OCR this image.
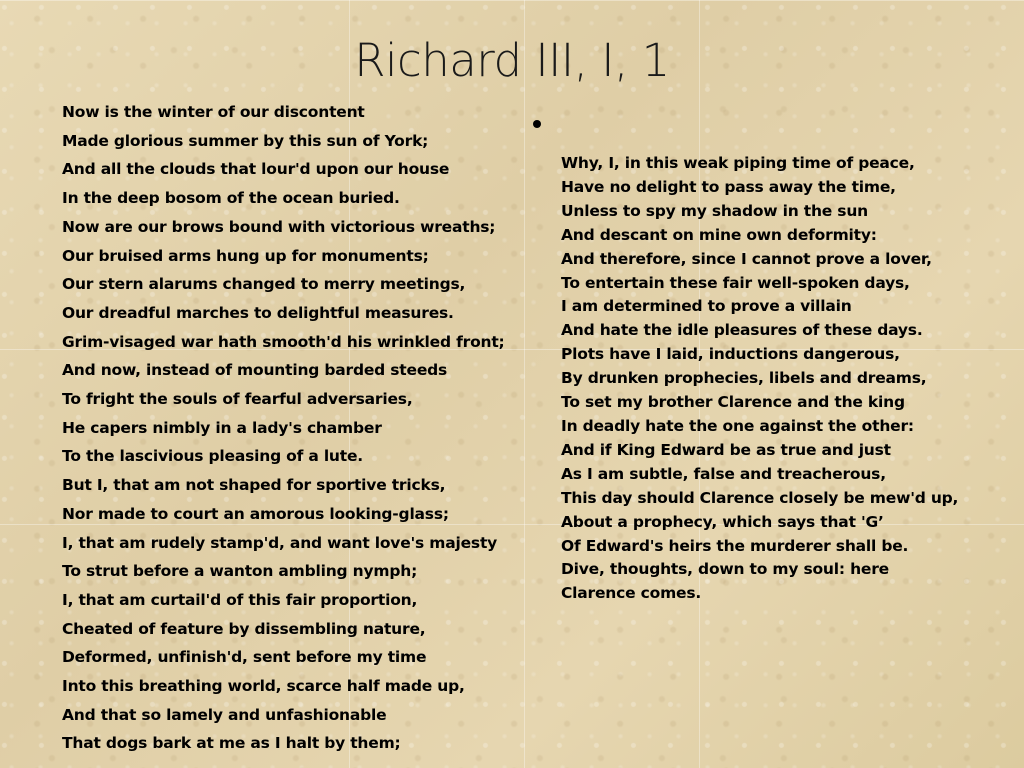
Richard III, I, 1
Now is the winter of our discontent
Made glorious summer by this sun of York;
And all the clouds that lour'd upon our house
In the deep bosom of the ocean buried.
Now are our brows bound with victorious wreaths;
Our bruised arms hung up for monuments;
Our stern alarums changed to merry meetings,
Our dreadful marches to delightful measures.
Grim-visaged war hath smooth'd his wrinkled front;
And now, instead of mounting barded steeds
To fright the souls of fearful adversaries,
He capers nimbly in a lady's chamber
To the lascivious pleasing of a lute.
But I, that am not shaped for sportive tricks,
Nor made to court an amorous looking-glass;
I, that am rudely stamp'd, and want love's majesty
To strut before a wanton ambling nymph;
I, that am curtail'd of this fair proportion,
Cheated of feature by dissembling nature,
Deformed, unfinish'd, sent before my time
Into this breathing world, scarce half made up,
And that so lamely and unfashionable
That dogs bark at me as I halt by them;
Why, I, in this weak piping time of peace,
Have no delight to pass away the time,
Unless to spy my shadow in the sun
And descant on mine own deformity:
And therefore, since I cannot prove a lover,
To entertain these fair well-spoken days,
I am determined to prove a villain
And hate the idle pleasures of these days.
Plots have I laid, inductions dangerous,
By drunken prophecies, libels and dreams,
To set my brother Clarence and the king
In deadly hate the one against the other:
And if King Edward be as true and just
As I am subtle, false and treacherous,
This day should Clarence closely be mew'd up,
About a prophecy, which says that 'G’
Of Edward's heirs the murderer shall be.
Dive, thoughts, down to my soul: here
Clarence comes.
